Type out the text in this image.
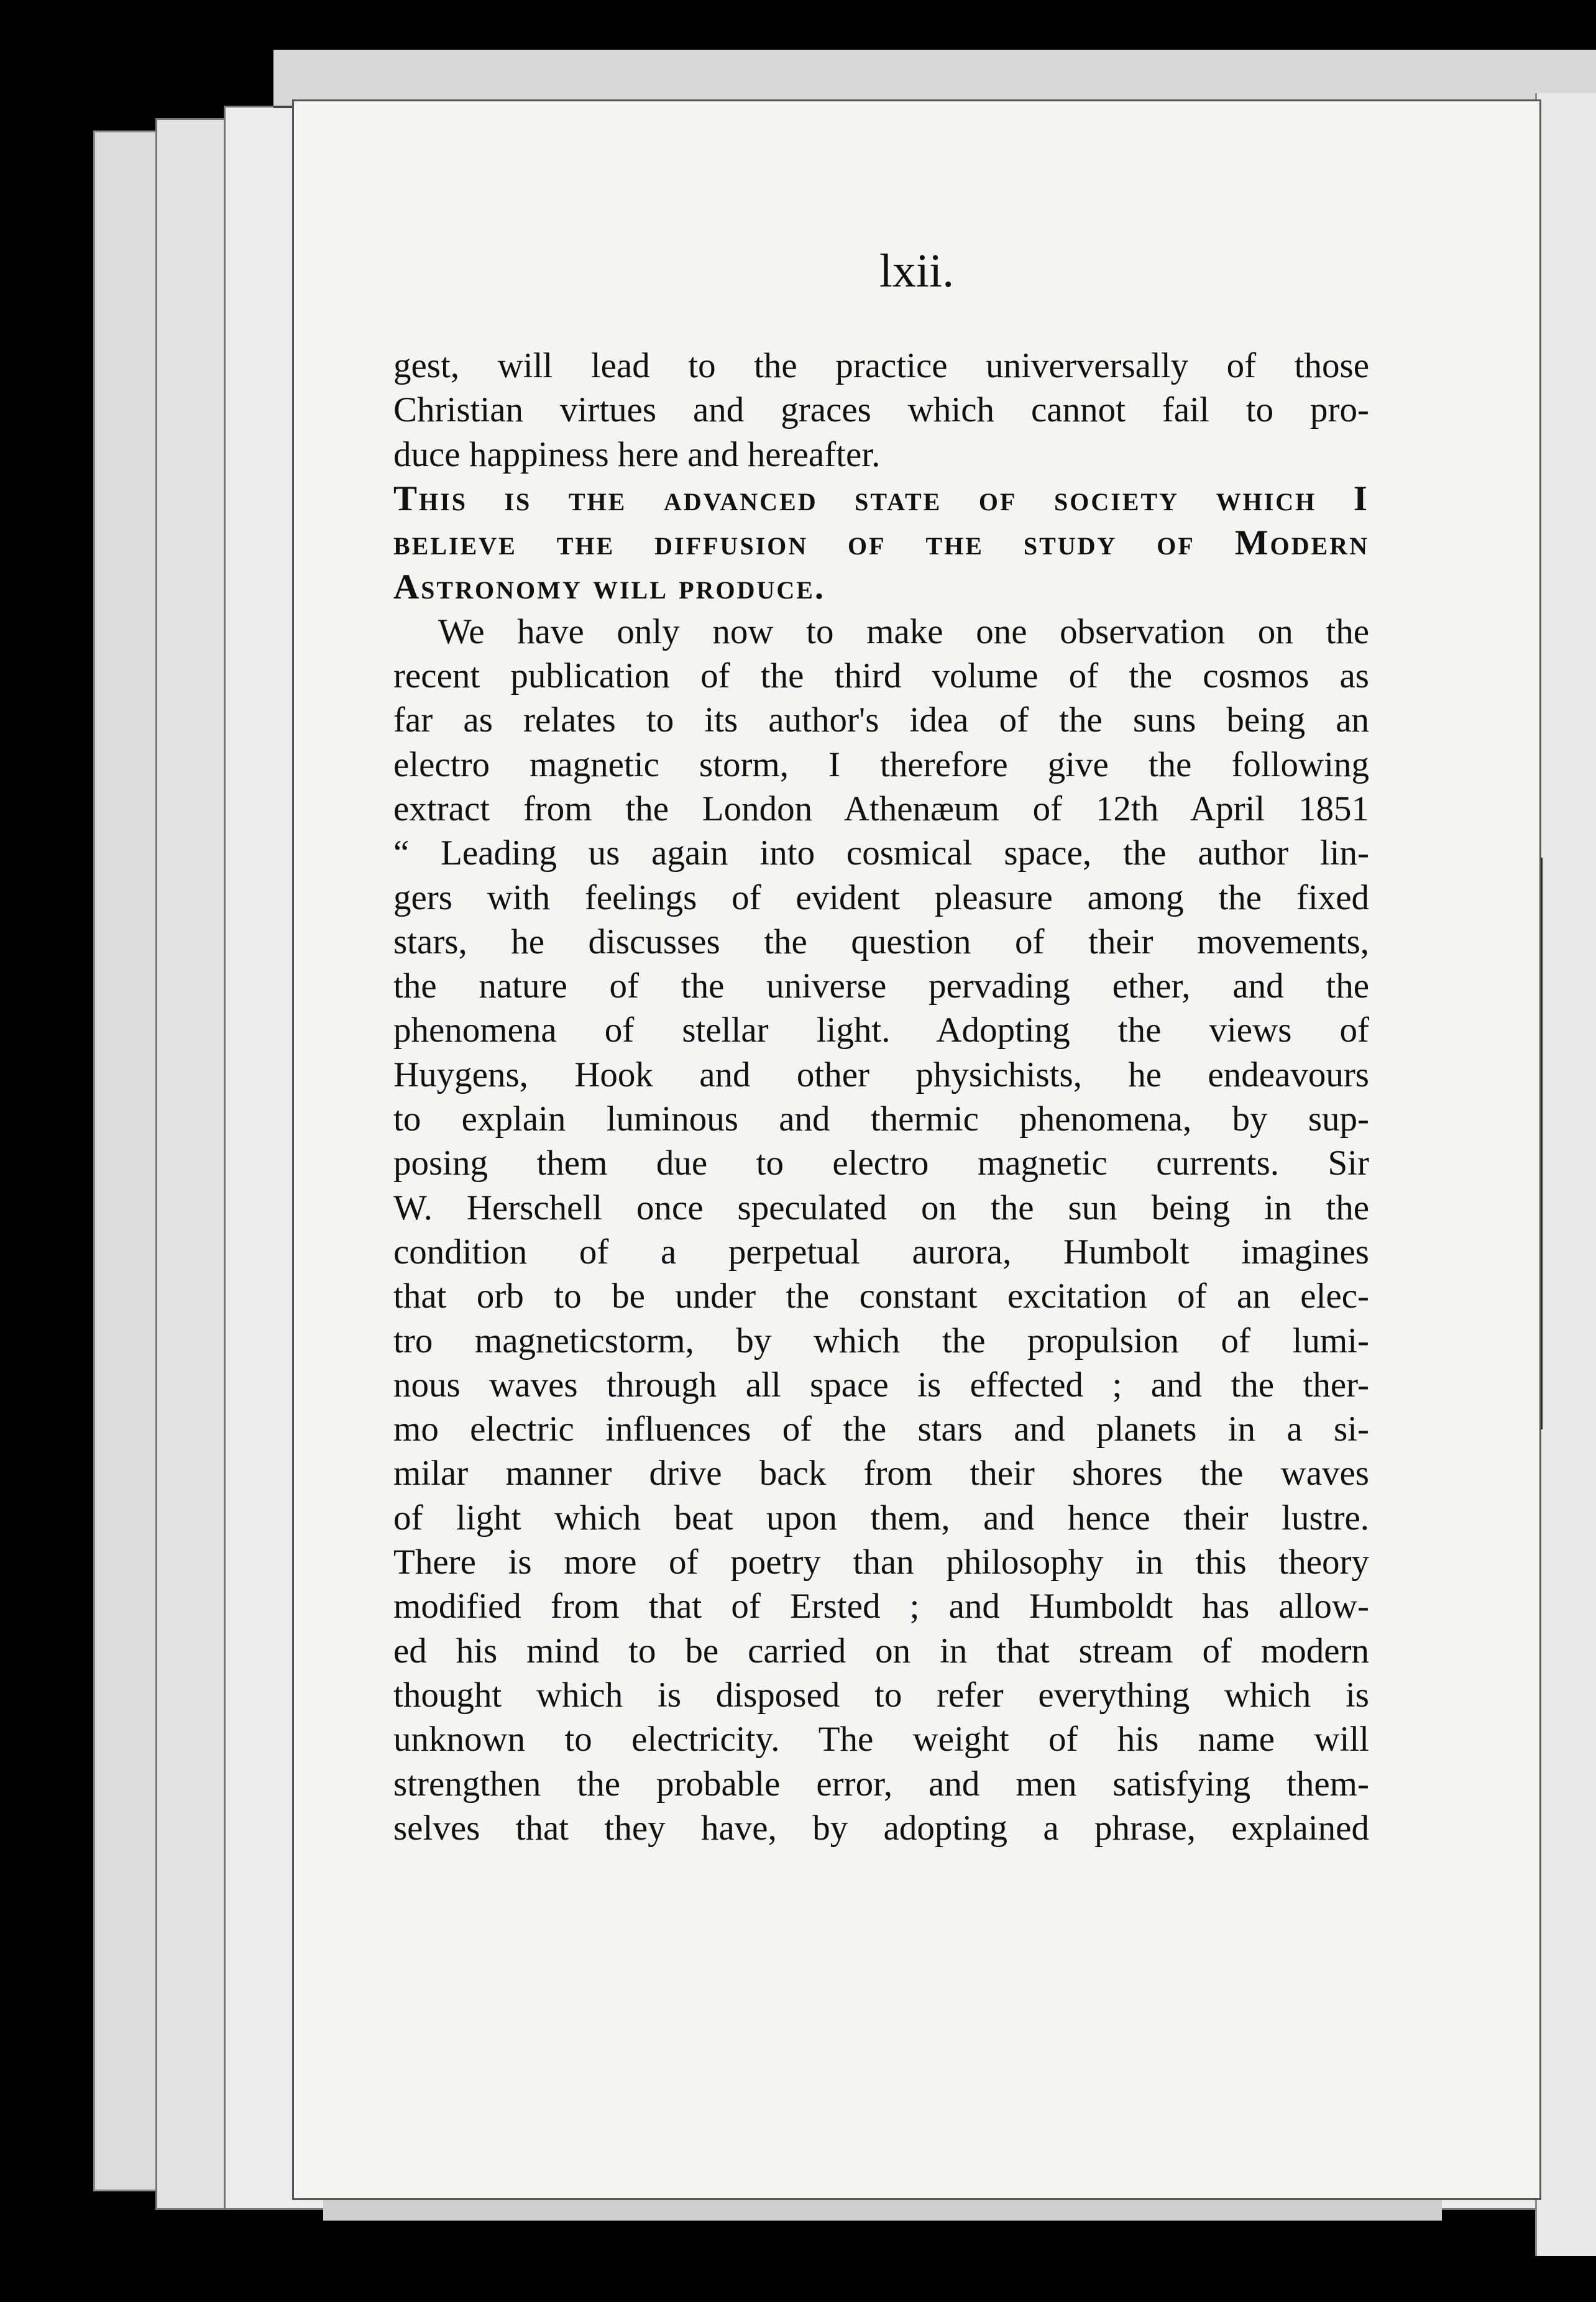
lxii.
gest, will lead to the practice univerversally of those
Christian virtues and graces which cannot fail to pro-
duce happiness here and hereafter.
This is the advanced state of society which I
believe the diffusion of the study of Modern
Astronomy will produce.
We have only now to make one observation on the
recent publication of the third volume of the cosmos as
far as relates to its author's idea of the suns being an
electro magnetic storm, I therefore give the following
extract from the London Athenæum of 12th April 1851
“ Leading us again into cosmical space, the author lin-
gers with feelings of evident pleasure among the fixed
stars, he discusses the question of their movements,
the nature of the universe pervading ether, and the
phenomena of stellar light. Adopting the views of
Huygens, Hook and other physichists, he endeavours
to explain luminous and thermic phenomena, by sup-
posing them due to electro magnetic currents. Sir
W. Herschell once speculated on the sun being in the
condition of a perpetual aurora, Humbolt imagines
that orb to be under the constant excitation of an elec-
tro magneticstorm, by which the propulsion of lumi-
nous waves through all space is effected ; and the ther-
mo electric influences of the stars and planets in a si-
milar manner drive back from their shores the waves
of light which beat upon them, and hence their lustre.
There is more of poetry than philosophy in this theory
modified from that of Ersted ; and Humboldt has allow-
ed his mind to be carried on in that stream of modern
thought which is disposed to refer everything which is
unknown to electricity. The weight of his name will
strengthen the probable error, and men satisfying them-
selves that they have, by adopting a phrase, explained
